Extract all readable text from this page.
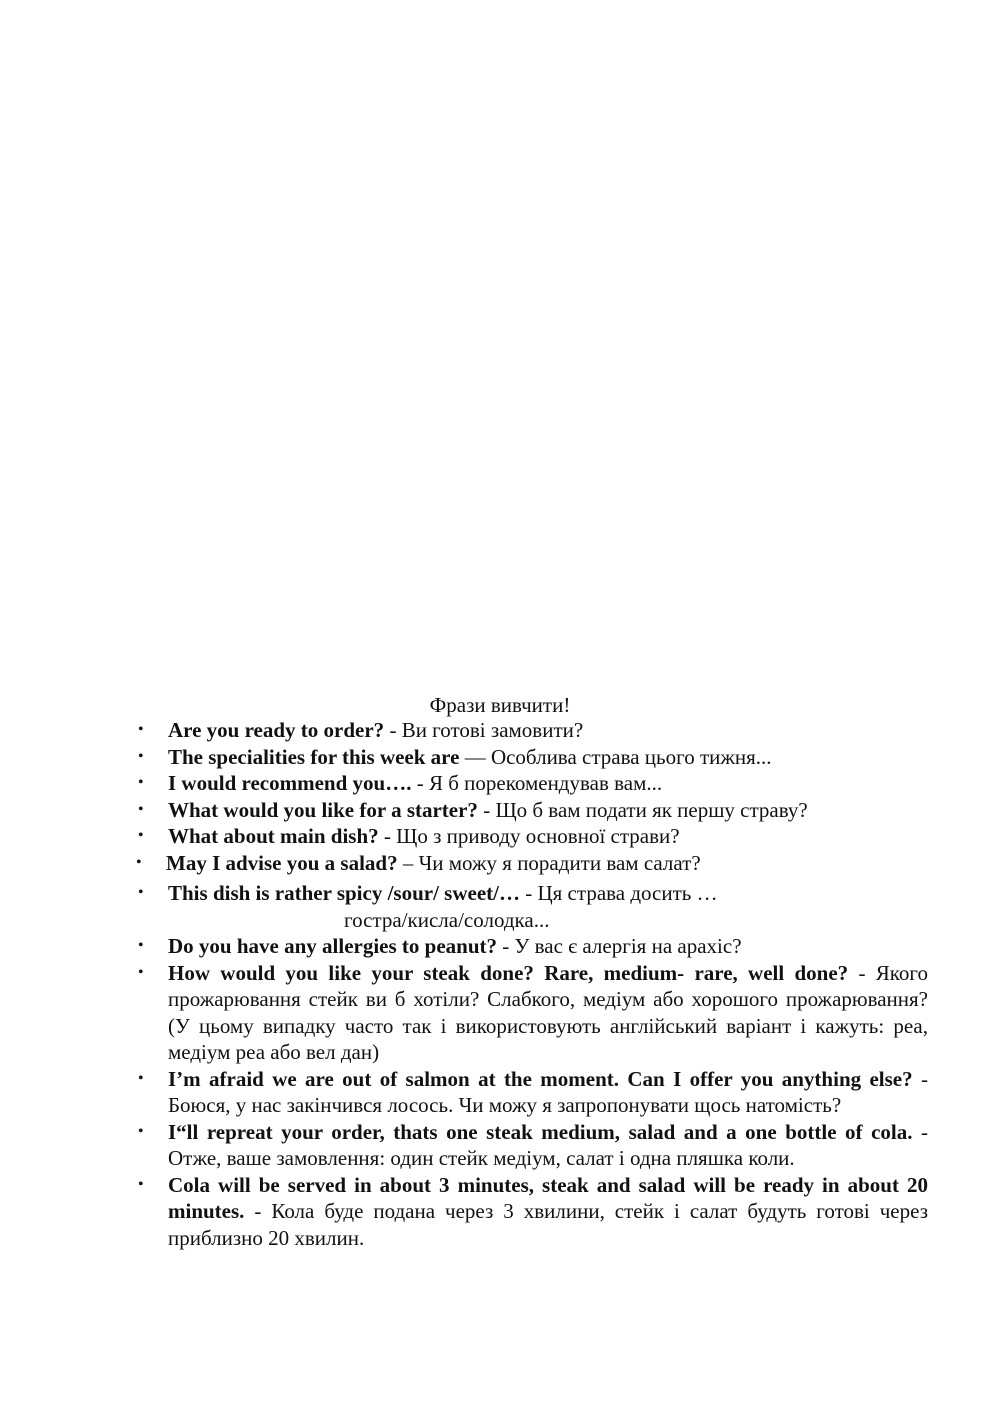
Фрази вивчити!
• Are you ready to order? - Ви готові замовити?
• The specialities for this week are — Особлива страва цього тижня...
• I would recommend you…. - Я б порекомендував вам...
• What would you like for a starter? - Що б вам подати як першу страву?
• What about main dish? - Що з приводу основної страви?
• May I advise you a salad? – Чи можу я порадити вам салат?
• This dish is rather spicy /sour/ sweet/… - Ця страва досить …
гостра/кисла/солодка...
• Do you have any allergies to peanut? - У вас є алергія на арахіс?
• How would you like your steak done? Rare, medium- rare, well done? - Якого прожарювання стейк ви б хотіли? Слабкого, медіум або хорошого прожарювання? (У цьому випадку часто так і використовують англійський варіант і кажуть: реа, медіум реа або вел дан)
• I’m afraid we are out of salmon at the moment. Can I offer you anything else? - Боюся, у нас закінчився лосось. Чи можу я запропонувати щось натомість?
• I“ll repreat your order, thats one steak medium, salad and a one bottle of cola. - Отже, ваше замовлення: один стейк медіум, салат і одна пляшка коли.
• Cola will be served in about 3 minutes, steak and salad will be ready in about 20 minutes. - Кола буде подана через 3 хвилини, стейк і салат будуть готові через приблизно 20 хвилин.
